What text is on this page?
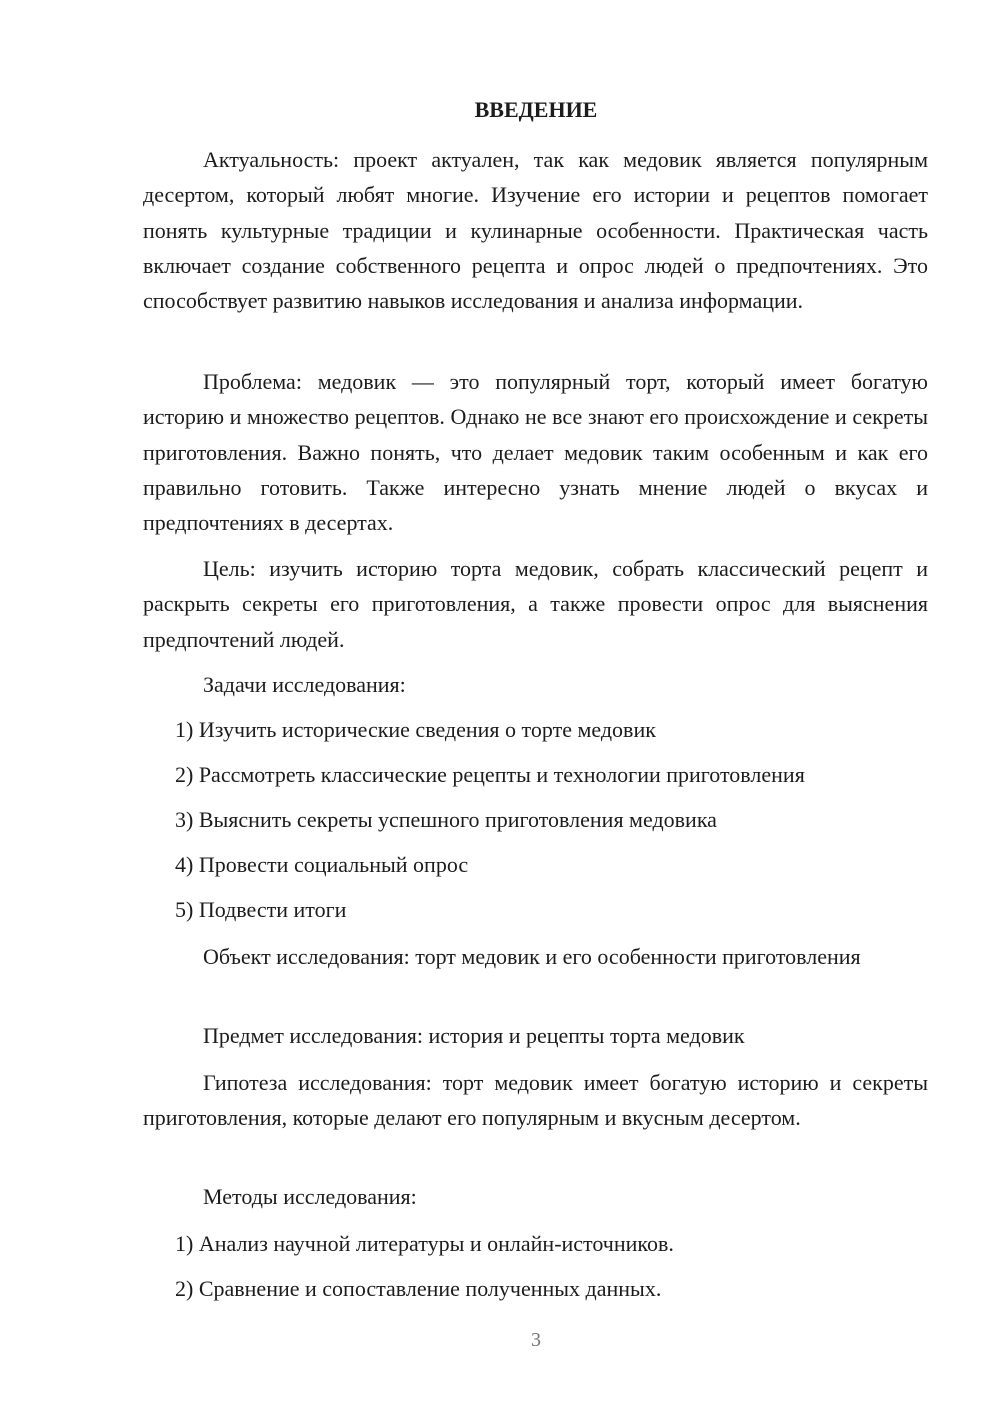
ВВЕДЕНИЕ
Актуальность: проект актуален, так как медовик является популярным десертом, который любят многие. Изучение его истории и рецептов помогает понять культурные традиции и кулинарные особенности. Практическая часть включает создание собственного рецепта и опрос людей о предпочтениях. Это способствует развитию навыков исследования и анализа информации.
Проблема: медовик — это популярный торт, который имеет богатую историю и множество рецептов. Однако не все знают его происхождение и секреты приготовления. Важно понять, что делает медовик таким особенным и как его правильно готовить. Также интересно узнать мнение людей о вкусах и предпочтениях в десертах.
Цель: изучить историю торта медовик, собрать классический рецепт и раскрыть секреты его приготовления, а также провести опрос для выяснения предпочтений людей.
Задачи исследования:
1) Изучить исторические сведения о торте медовик
2) Рассмотреть классические рецепты и технологии приготовления
3) Выяснить секреты успешного приготовления медовика
4) Провести социальный опрос
5) Подвести итоги
Объект исследования: торт медовик и его особенности приготовления
Предмет исследования: история и рецепты торта медовик
Гипотеза исследования: торт медовик имеет богатую историю и секреты приготовления, которые делают его популярным и вкусным десертом.
Методы исследования:
1) Анализ научной литературы и онлайн-источников.
2) Сравнение и сопоставление полученных данных.
3
